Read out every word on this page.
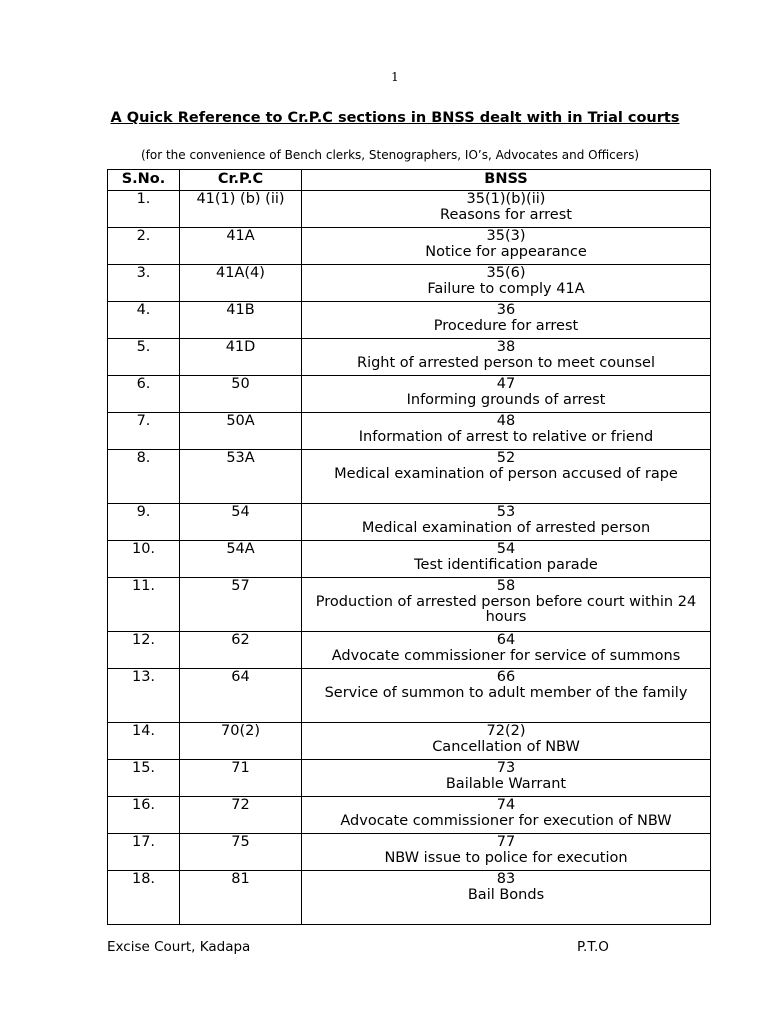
1
A Quick Reference to Cr.P.C sections in BNSS dealt with in Trial courts
(for the convenience of Bench clerks, Stenographers, IO’s, Advocates and Officers)
S.No.	Cr.P.C	BNSS
1.	41(1) (b) (ii)	35(1)(b)(ii)
Reasons for arrest

2.	41A	35(3)
Notice for appearance

3.	41A(4)	35(6)
Failure to comply 41A

4.	41B	36
Procedure for arrest

5.	41D	38
Right of arrested person to meet counsel

6.	50	47
Informing grounds of arrest

7.	50A	48
Information of arrest to relative or friend

8.	53A	52
Medical examination of person accused of rape

9.	54	53
Medical examination of arrested person

10.	54A	54
Test identification parade

11.	57	58
Production of arrested person before court within 24 hours

12.	62	64
Advocate commissioner for service of summons

13.	64	66
Service of summon to adult member of the family

14.	70(2)	72(2)
Cancellation of NBW

15.	71	73
Bailable Warrant

16.	72	74
Advocate commissioner for execution of NBW

17.	75	77
NBW issue to police for execution

18.	81	83
Bail Bonds
Excise Court, Kadapa	P.T.O
